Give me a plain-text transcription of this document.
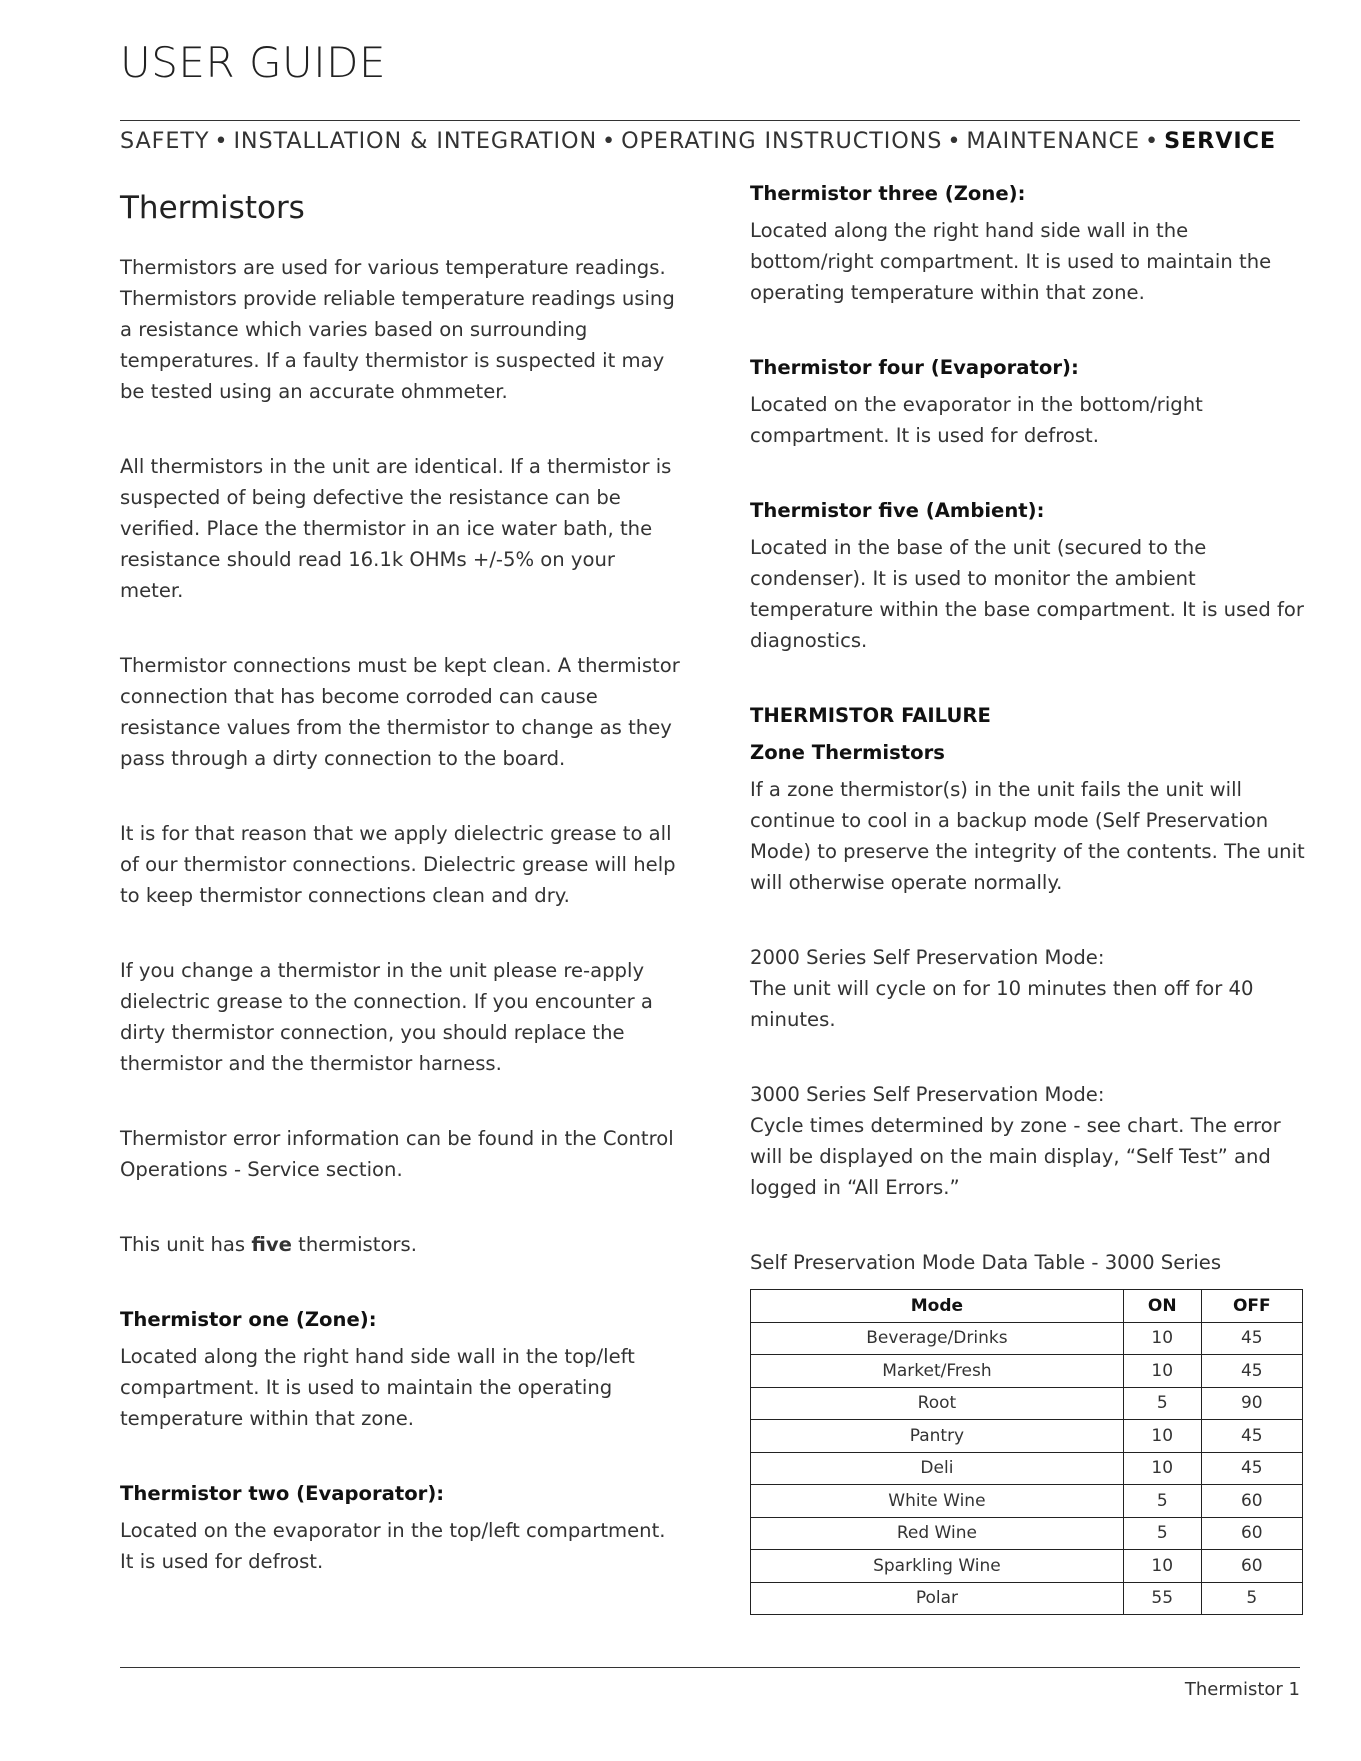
USER GUIDE
SAFETY • INSTALLATION & INTEGRATION • OPERATING INSTRUCTIONS • MAINTENANCE • SERVICE
Thermistors

Thermistors are used for various temperature readings. Thermistors provide reliable temperature readings using a resistance which varies based on surrounding temperatures. If a faulty thermistor is suspected it may be tested using an accurate ohmmeter.

All thermistors in the unit are identical. If a thermistor is suspected of being defective the resistance can be verified. Place the thermistor in an ice water bath, the resistance should read 16.1k OHMs +/-5% on your meter.

Thermistor connections must be kept clean. A thermistor connection that has become corroded can cause resistance values from the thermistor to change as they pass through a dirty connection to the board.

It is for that reason that we apply dielectric grease to all of our thermistor connections. Dielectric grease will help to keep thermistor connections clean and dry.

If you change a thermistor in the unit please re-apply dielectric grease to the connection. If you encounter a dirty thermistor connection, you should replace the thermistor and the thermistor harness.

Thermistor error information can be found in the Control Operations - Service section.

This unit has five thermistors.

Thermistor one (Zone):

Located along the right hand side wall in the top/left compartment. It is used to maintain the operating temperature within that zone.

Thermistor two (Evaporator):

Located on the evaporator in the top/left compartment. It is used for defrost.

Thermistor three (Zone):

Located along the right hand side wall in the bottom/right compartment. It is used to maintain the operating temperature within that zone.

Thermistor four (Evaporator):

Located on the evaporator in the bottom/right compartment. It is used for defrost.

Thermistor five (Ambient):

Located in the base of the unit (secured to the condenser). It is used to monitor the ambient temperature within the base compartment. It is used for diagnostics.

THERMISTOR FAILURE
Zone Thermistors

If a zone thermistor(s) in the unit fails the unit will continue to cool in a backup mode (Self Preservation Mode) to preserve the integrity of the contents. The unit will otherwise operate normally.

2000 Series Self Preservation Mode:

The unit will cycle on for 10 minutes then off for 40 minutes.

3000 Series Self Preservation Mode:

Cycle times determined by zone - see chart. The error will be displayed on the main display, “Self Test” and logged in “All Errors.”

Self Preservation Mode Data Table - 3000 Series

Mode	ON	OFF
Beverage/Drinks	10	45
Market/Fresh	10	45
Root	5	90
Pantry	10	45
Deli	10	45
White Wine	5	60
Red Wine	5	60
Sparkling Wine	10	60
Polar	55	5
Thermistor 1
